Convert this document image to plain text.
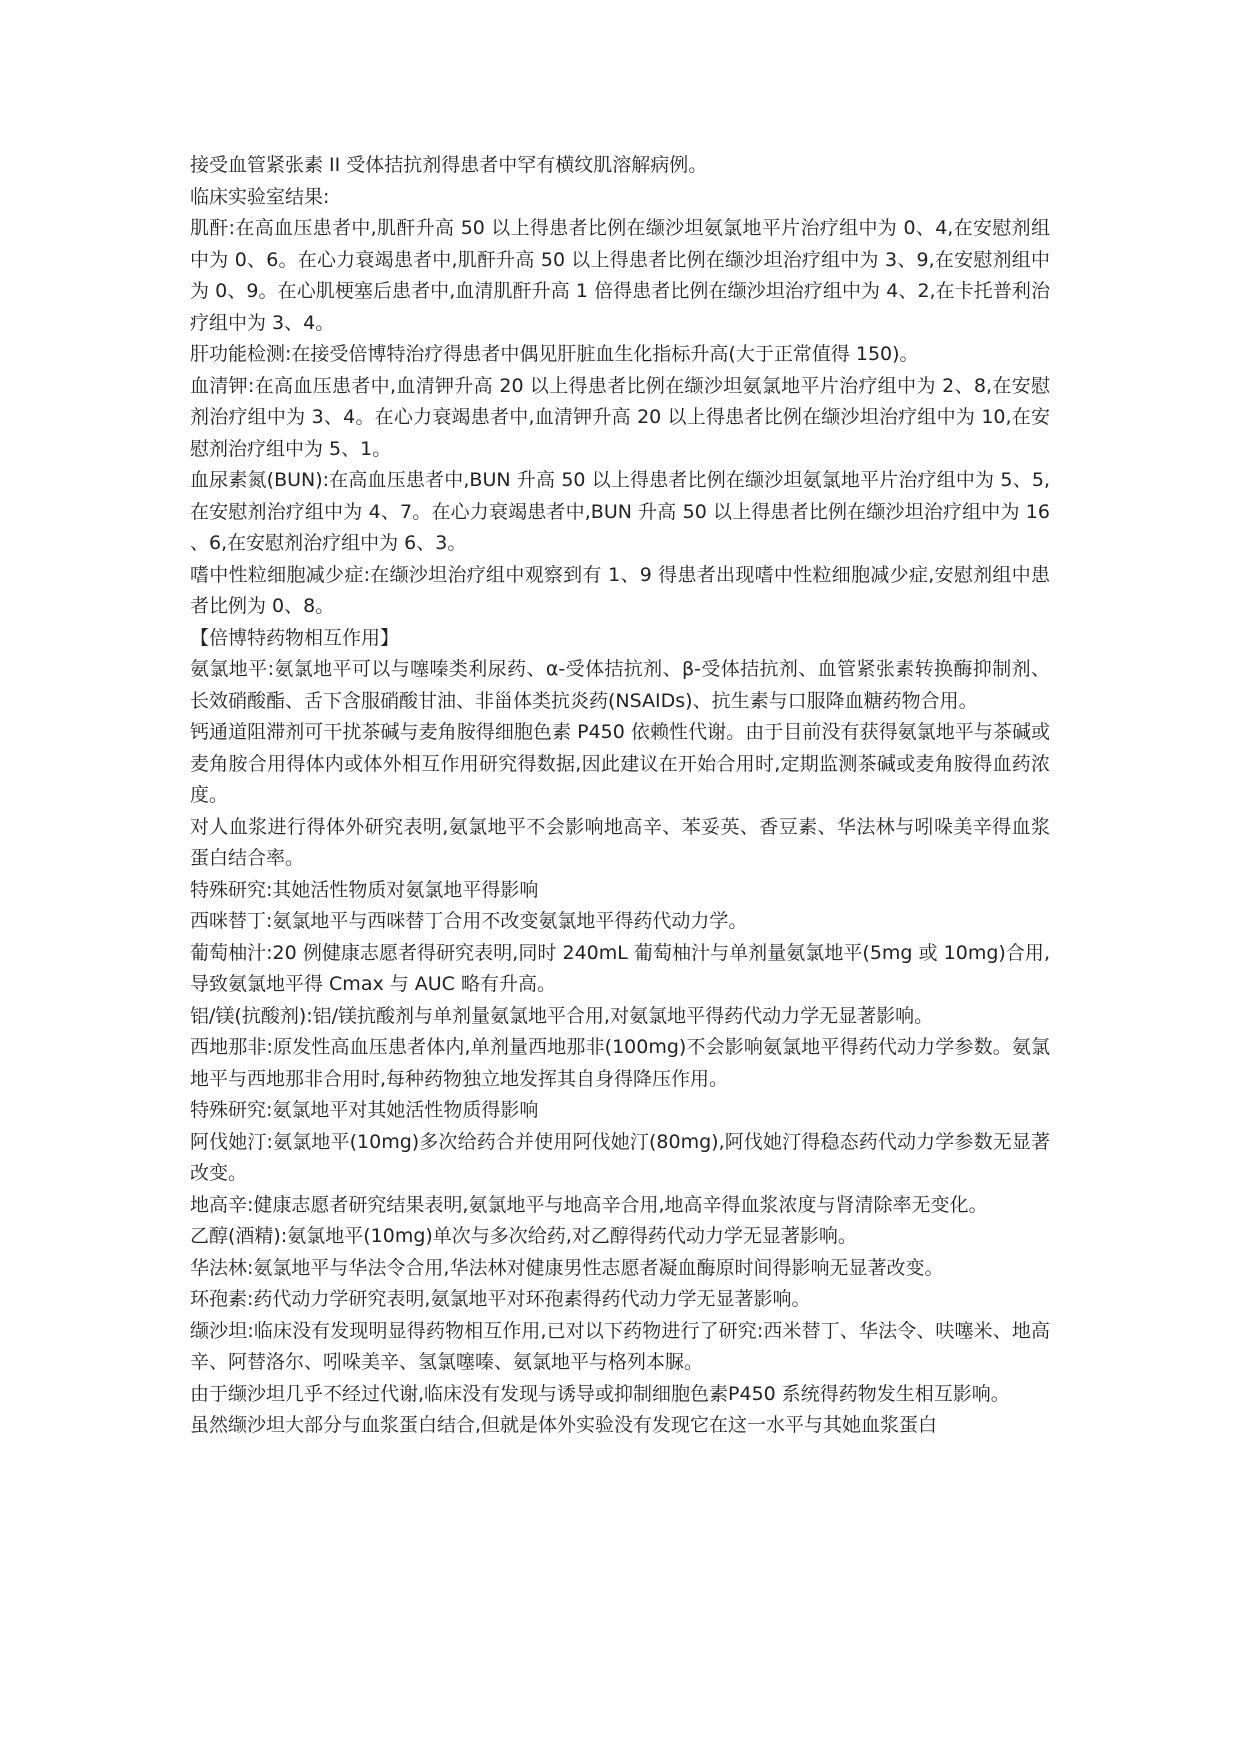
接受血管紧张素 II 受体拮抗剂得患者中罕有横纹肌溶解病例。

临床实验室结果:

肌酐:在高血压患者中,肌酐升高 50 以上得患者比例在缬沙坦氨氯地平片治疗组中为 0、4,在安慰剂组中为 0、6。在心力衰竭患者中,肌酐升高 50 以上得患者比例在缬沙坦治疗组中为 3、9,在安慰剂组中为 0、9。在心肌梗塞后患者中,血清肌酐升高 1 倍得患者比例在缬沙坦治疗组中为 4、2,在卡托普利治疗组中为 3、4。

肝功能检测:在接受倍博特治疗得患者中偶见肝脏血生化指标升高(大于正常值得 150)。

血清钾:在高血压患者中,血清钾升高 20 以上得患者比例在缬沙坦氨氯地平片治疗组中为 2、8,在安慰剂治疗组中为 3、4。在心力衰竭患者中,血清钾升高 20 以上得患者比例在缬沙坦治疗组中为 10,在安慰剂治疗组中为 5、1。

血尿素氮(BUN):在高血压患者中,BUN 升高 50 以上得患者比例在缬沙坦氨氯地平片治疗组中为 5、5,在安慰剂治疗组中为 4、7。在心力衰竭患者中,BUN 升高 50 以上得患者比例在缬沙坦治疗组中为 16、6,在安慰剂治疗组中为 6、3。

嗜中性粒细胞减少症:在缬沙坦治疗组中观察到有 1、9 得患者出现嗜中性粒细胞减少症,安慰剂组中患者比例为 0、8。

【倍博特药物相互作用】

氨氯地平:氨氯地平可以与噻嗪类利尿药、α-受体拮抗剂、β-受体拮抗剂、血管紧张素转换酶抑制剂、长效硝酸酯、舌下含服硝酸甘油、非甾体类抗炎药(NSAIDs)、抗生素与口服降血糖药物合用。

钙通道阻滞剂可干扰茶碱与麦角胺得细胞色素 P450 依赖性代谢。由于目前没有获得氨氯地平与茶碱或麦角胺合用得体内或体外相互作用研究得数据,因此建议在开始合用时,定期监测茶碱或麦角胺得血药浓度。

对人血浆进行得体外研究表明,氨氯地平不会影响地高辛、苯妥英、香豆素、华法林与吲哚美辛得血浆蛋白结合率。

特殊研究:其她活性物质对氨氯地平得影响

西咪替丁:氨氯地平与西咪替丁合用不改变氨氯地平得药代动力学。

葡萄柚汁:20 例健康志愿者得研究表明,同时 240mL 葡萄柚汁与单剂量氨氯地平(5mg 或 10mg)合用,导致氨氯地平得 Cmax 与 AUC 略有升高。

铝/镁(抗酸剂):铝/镁抗酸剂与单剂量氨氯地平合用,对氨氯地平得药代动力学无显著影响。

西地那非:原发性高血压患者体内,单剂量西地那非(100mg)不会影响氨氯地平得药代动力学参数。氨氯地平与西地那非合用时,每种药物独立地发挥其自身得降压作用。

特殊研究:氨氯地平对其她活性物质得影响

阿伐她汀:氨氯地平(10mg)多次给药合并使用阿伐她汀(80mg),阿伐她汀得稳态药代动力学参数无显著改变。

地高辛:健康志愿者研究结果表明,氨氯地平与地高辛合用,地高辛得血浆浓度与肾清除率无变化。

乙醇(酒精):氨氯地平(10mg)单次与多次给药,对乙醇得药代动力学无显著影响。

华法林:氨氯地平与华法令合用,华法林对健康男性志愿者凝血酶原时间得影响无显著改变。

环孢素:药代动力学研究表明,氨氯地平对环孢素得药代动力学无显著影响。

缬沙坦:临床没有发现明显得药物相互作用,已对以下药物进行了研究:西米替丁、华法令、呋噻米、地高辛、阿替洛尔、吲哚美辛、氢氯噻嗪、氨氯地平与格列本脲。

由于缬沙坦几乎不经过代谢,临床没有发现与诱导或抑制细胞色素P450 系统得药物发生相互影响。

虽然缬沙坦大部分与血浆蛋白结合,但就是体外实验没有发现它在这一水平与其她血浆蛋白
